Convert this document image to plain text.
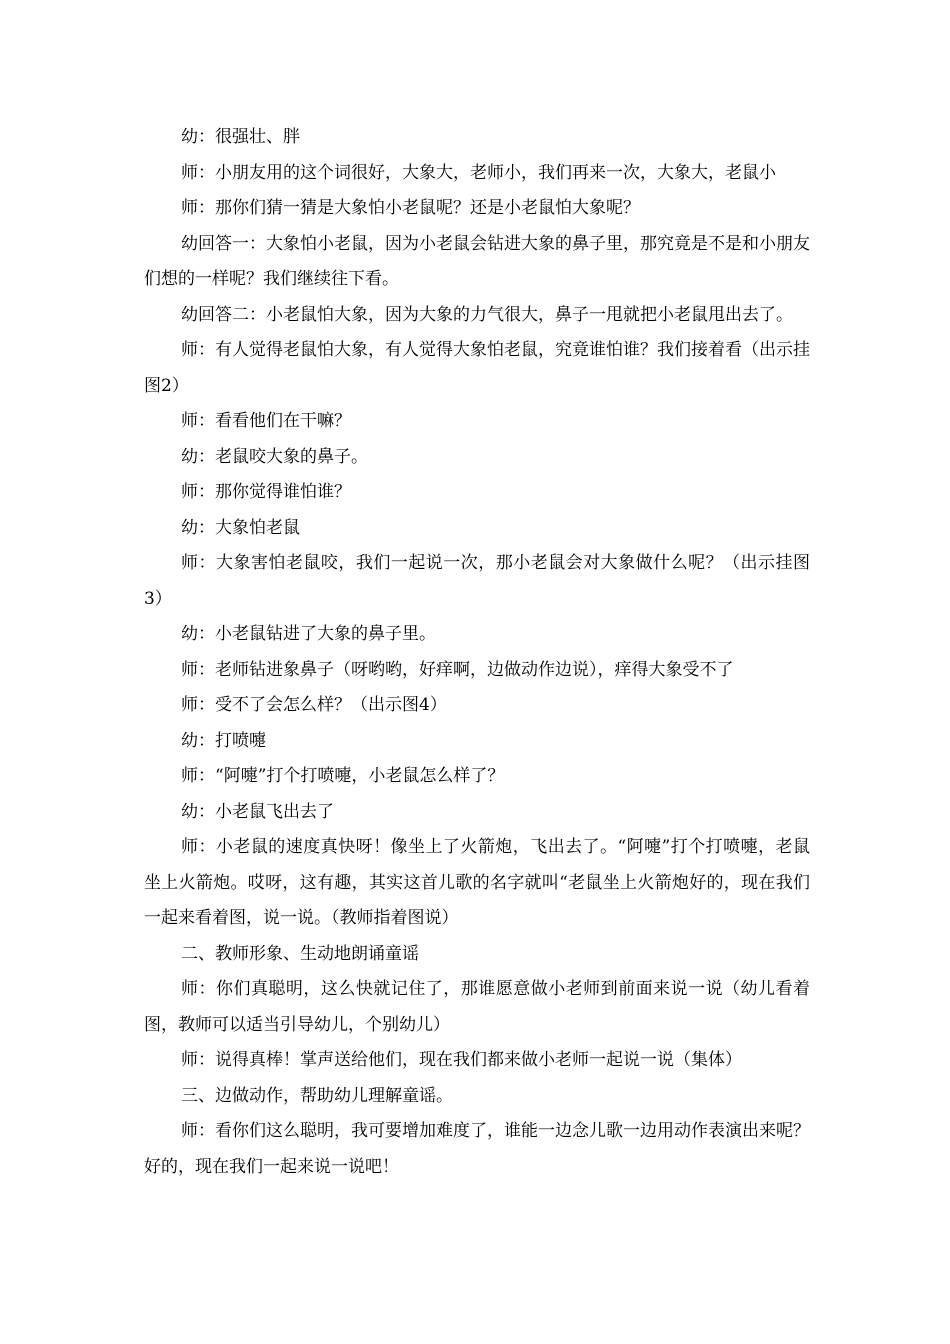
幼：很强壮、胖

师：小朋友用的这个词很好，大象大，老师小，我们再来一次，大象大，老鼠小

师：那你们猜一猜是大象怕小老鼠呢？还是小老鼠怕大象呢？

幼回答一：大象怕小老鼠，因为小老鼠会钻进大象的鼻子里，那究竟是不是和小朋友们想的一样呢？我们继续往下看。

幼回答二：小老鼠怕大象，因为大象的力气很大，鼻子一甩就把小老鼠甩出去了。

师：有人觉得老鼠怕大象，有人觉得大象怕老鼠，究竟谁怕谁？我们接着看（出示挂图2）

师：看看他们在干嘛？

幼：老鼠咬大象的鼻子。

师：那你觉得谁怕谁？

幼：大象怕老鼠

师：大象害怕老鼠咬，我们一起说一次，那小老鼠会对大象做什么呢？（出示挂图3）

幼：小老鼠钻进了大象的鼻子里。

师：老师钻进象鼻子（呀哟哟，好痒啊，边做动作边说），痒得大象受不了

师：受不了会怎么样？（出示图4）

幼：打喷嚏

师：“阿嚏”打个打喷嚏，小老鼠怎么样了？

幼：小老鼠飞出去了

师：小老鼠的速度真快呀！像坐上了火箭炮，飞出去了。“阿嚏”打个打喷嚏，老鼠坐上火箭炮。哎呀，这有趣，其实这首儿歌的名字就叫“老鼠坐上火箭炮好的，现在我们一起来看着图，说一说。（教师指着图说）

二、教师形象、生动地朗诵童谣

师：你们真聪明，这么快就记住了，那谁愿意做小老师到前面来说一说（幼儿看着图，教师可以适当引导幼儿，个别幼儿）

师：说得真棒！掌声送给他们，现在我们都来做小老师一起说一说（集体）

三、边做动作，帮助幼儿理解童谣。

师：看你们这么聪明，我可要增加难度了，谁能一边念儿歌一边用动作表演出来呢？好的，现在我们一起来说一说吧！
